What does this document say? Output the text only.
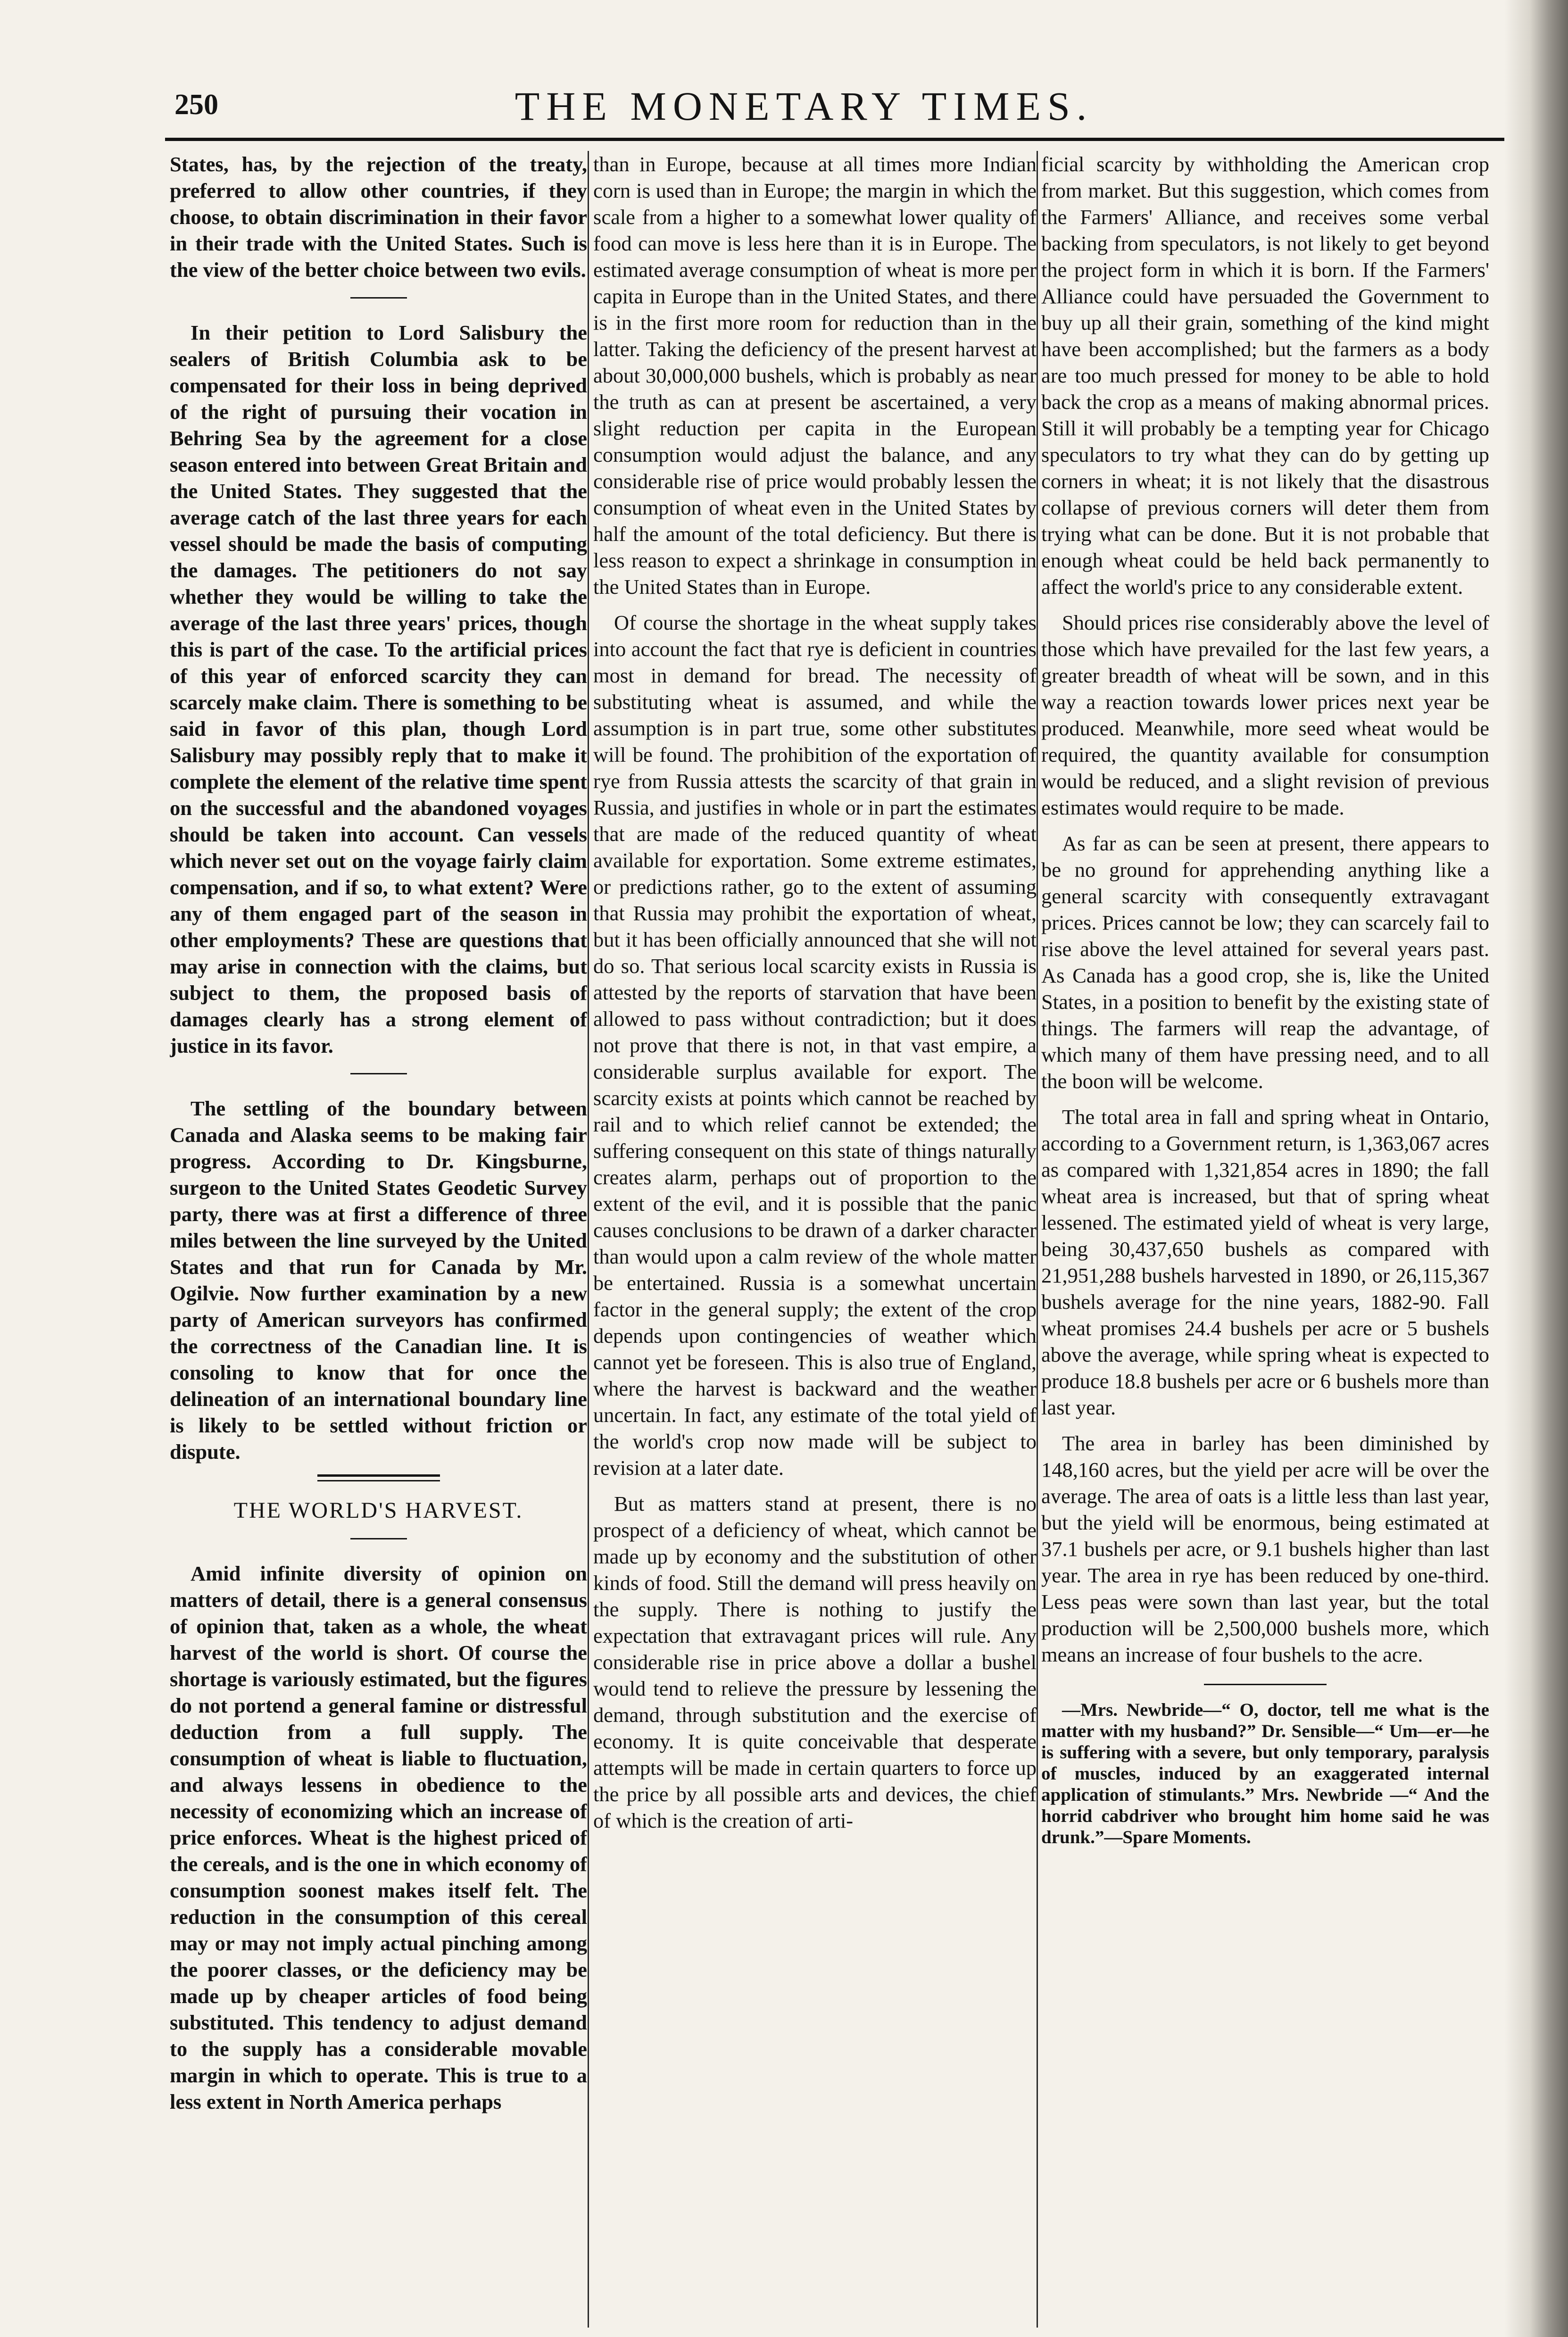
250	THE MONETARY TIMES.

States, has, by the rejection of the treaty, preferred to allow other countries, if they choose, to obtain discrimination in their favor in their trade with the United States. Such is the view of the better choice between two evils.

In their petition to Lord Salisbury the sealers of British Columbia ask to be compensated for their loss in being deprived of the right of pursuing their vocation in Behring Sea by the agreement for a close season entered into between Great Britain and the United States. They suggested that the average catch of the last three years for each vessel should be made the basis of computing the damages. The petitioners do not say whether they would be willing to take the average of the last three years' prices, though this is part of the case. To the artificial prices of this year of enforced scarcity they can scarcely make claim. There is something to be said in favor of this plan, though Lord Salisbury may possibly reply that to make it complete the element of the relative time spent on the successful and the abandoned voyages should be taken into account. Can vessels which never set out on the voyage fairly claim compensation, and if so, to what extent? Were any of them engaged part of the season in other employments? These are questions that may arise in connection with the claims, but subject to them, the proposed basis of damages clearly has a strong element of justice in its favor.

The settling of the boundary between Canada and Alaska seems to be making fair progress. According to Dr. Kingsburne, surgeon to the United States Geodetic Survey party, there was at first a difference of three miles between the line surveyed by the United States and that run for Canada by Mr. Ogilvie. Now further examination by a new party of American surveyors has confirmed the correctness of the Canadian line. It is consoling to know that for once the delineation of an international boundary line is likely to be settled without friction or dispute.

THE WORLD'S HARVEST.

Amid infinite diversity of opinion on matters of detail, there is a general consensus of opinion that, taken as a whole, the wheat harvest of the world is short. Of course the shortage is variously estimated, but the figures do not portend a general famine or distressful deduction from a full supply. The consumption of wheat is liable to fluctuation, and always lessens in obedience to the necessity of economizing which an increase of price enforces. Wheat is the highest priced of the cereals, and is the one in which economy of consumption soonest makes itself felt. The reduction in the consumption of this cereal may or may not imply actual pinching among the poorer classes, or the deficiency may be made up by cheaper articles of food being substituted. This tendency to adjust demand to the supply has a considerable movable margin in which to operate. This is true to a less extent in North America perhaps

than in Europe, because at all times more Indian corn is used than in Europe; the margin in which the scale from a higher to a somewhat lower quality of food can move is less here than it is in Europe. The estimated average consumption of wheat is more per capita in Europe than in the United States, and there is in the first more room for reduction than in the latter. Taking the deficiency of the present harvest at about 30,000,000 bushels, which is probably as near the truth as can at present be ascertained, a very slight reduction per capita in the European consumption would adjust the balance, and any considerable rise of price would probably lessen the consumption of wheat even in the United States by half the amount of the total deficiency. But there is less reason to expect a shrinkage in consumption in the United States than in Europe.

Of course the shortage in the wheat supply takes into account the fact that rye is deficient in countries most in demand for bread. The necessity of substituting wheat is assumed, and while the assumption is in part true, some other substitutes will be found. The prohibition of the exportation of rye from Russia attests the scarcity of that grain in Russia, and justifies in whole or in part the estimates that are made of the reduced quantity of wheat available for exportation. Some extreme estimates, or predictions rather, go to the extent of assuming that Russia may prohibit the exportation of wheat, but it has been officially announced that she will not do so. That serious local scarcity exists in Russia is attested by the reports of starvation that have been allowed to pass without contradiction; but it does not prove that there is not, in that vast empire, a considerable surplus available for export. The scarcity exists at points which cannot be reached by rail and to which relief cannot be extended; the suffering consequent on this state of things naturally creates alarm, perhaps out of proportion to the extent of the evil, and it is possible that the panic causes conclusions to be drawn of a darker character than would upon a calm review of the whole matter be entertained. Russia is a somewhat uncertain factor in the general supply; the extent of the crop depends upon contingencies of weather which cannot yet be foreseen. This is also true of England, where the harvest is backward and the weather uncertain. In fact, any estimate of the total yield of the world's crop now made will be subject to revision at a later date.

But as matters stand at present, there is no prospect of a deficiency of wheat, which cannot be made up by economy and the substitution of other kinds of food. Still the demand will press heavily on the supply. There is nothing to justify the expectation that extravagant prices will rule. Any considerable rise in price above a dollar a bushel would tend to relieve the pressure by lessening the demand, through substitution and the exercise of economy. It is quite conceivable that desperate attempts will be made in certain quarters to force up the price by all possible arts and devices, the chief of which is the creation of arti-

ficial scarcity by withholding the American crop from market. But this suggestion, which comes from the Farmers' Alliance, and receives some verbal backing from speculators, is not likely to get beyond the project form in which it is born. If the Farmers' Alliance could have persuaded the Government to buy up all their grain, something of the kind might have been accomplished; but the farmers as a body are too much pressed for money to be able to hold back the crop as a means of making abnormal prices. Still it will probably be a tempting year for Chicago speculators to try what they can do by getting up corners in wheat; it is not likely that the disastrous collapse of previous corners will deter them from trying what can be done. But it is not probable that enough wheat could be held back permanently to affect the world's price to any considerable extent.

Should prices rise considerably above the level of those which have prevailed for the last few years, a greater breadth of wheat will be sown, and in this way a reaction towards lower prices next year be produced. Meanwhile, more seed wheat would be required, the quantity available for consumption would be reduced, and a slight revision of previous estimates would require to be made.

As far as can be seen at present, there appears to be no ground for apprehending anything like a general scarcity with consequently extravagant prices. Prices cannot be low; they can scarcely fail to rise above the level attained for several years past. As Canada has a good crop, she is, like the United States, in a position to benefit by the existing state of things. The farmers will reap the advantage, of which many of them have pressing need, and to all the boon will be welcome.

The total area in fall and spring wheat in Ontario, according to a Government return, is 1,363,067 acres as compared with 1,321,854 acres in 1890; the fall wheat area is increased, but that of spring wheat lessened. The estimated yield of wheat is very large, being 30,437,650 bushels as compared with 21,951,288 bushels harvested in 1890, or 26,115,367 bushels average for the nine years, 1882-90. Fall wheat promises 24.4 bushels per acre or 5 bushels above the average, while spring wheat is expected to produce 18.8 bushels per acre or 6 bushels more than last year.

The area in barley has been diminished by 148,160 acres, but the yield per acre will be over the average. The area of oats is a little less than last year, but the yield will be enormous, being estimated at 37.1 bushels per acre, or 9.1 bushels higher than last year. The area in rye has been reduced by one-third. Less peas were sown than last year, but the total production will be 2,500,000 bushels more, which means an increase of four bushels to the acre.

—Mrs. Newbride—“ O, doctor, tell me what is the matter with my husband?” Dr. Sensible—“ Um—er—he is suffering with a severe, but only temporary, paralysis of muscles, induced by an exaggerated internal application of stimulants.” Mrs. Newbride —“ And the horrid cabdriver who brought him home said he was drunk.”—Spare Moments.
